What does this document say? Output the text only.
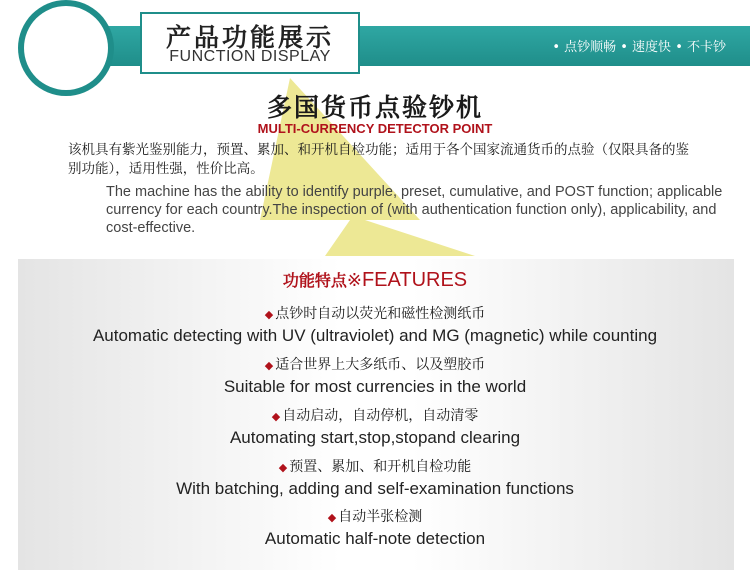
产品功能展示
FUNCTION DISPLAY
• 点钞顺畅 • 速度快 • 不卡钞
多国货币点验钞机
MULTI-CURRENCY DETECTOR POINT
该机具有紫光鉴别能力，预置、累加、和开机自检功能；适用于各个国家流通货币的点验（仅限具备的鉴别功能），适用性强，性价比高。
The machine has the ability to identify purple, preset, cumulative, and POST function; applicable currency for each country.The inspection of (with authentication function only), applicability, and cost-effective.
功能特点※FEATURES
◆ 点钞时自动以荧光和磁性检测纸币
Automatic detecting with UV (ultraviolet) and MG (magnetic) while counting
◆ 适合世界上大多纸币、以及塑胶币
Suitable for most currencies in the world
◆ 自动启动，自动停机，自动清零
Automating start,stop,stopand clearing
◆ 预置、累加、和开机自检功能
With batching, adding and self-examination functions
◆ 自动半张检测
Automatic half-note detection
